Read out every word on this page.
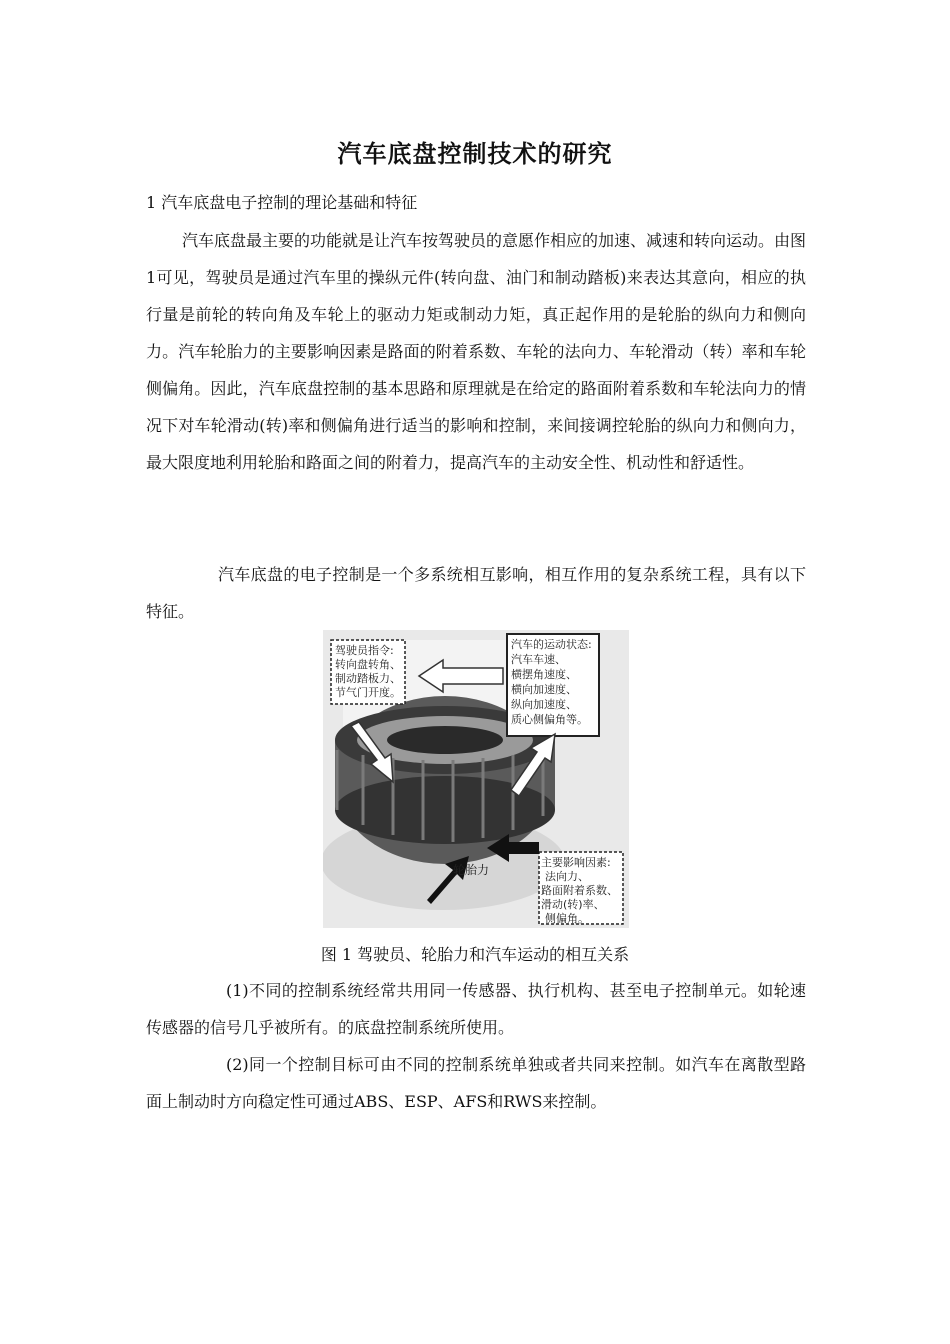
汽车底盘控制技术的研究
1 汽车底盘电子控制的理论基础和特征
汽车底盘最主要的功能就是让汽车按驾驶员的意愿作相应的加速、减速和转向运动。由图1可见，驾驶员是通过汽车里的操纵元件(转向盘、油门和制动踏板)来表达其意向，相应的执行量是前轮的转向角及车轮上的驱动力矩或制动力矩，真正起作用的是轮胎的纵向力和侧向力。汽车轮胎力的主要影响因素是路面的附着系数、车轮的法向力、车轮滑动（转）率和车轮侧偏角。因此，汽车底盘控制的基本思路和原理就是在给定的路面附着系数和车轮法向力的情况下对车轮滑动(转)率和侧偏角进行适当的影响和控制，来间接调控轮胎的纵向力和侧向力，最大限度地利用轮胎和路面之间的附着力，提高汽车的主动安全性、机动性和舒适性。
汽车底盘的电子控制是一个多系统相互影响，相互作用的复杂系统工程，具有以下特征。
驾驶员指令:
转向盘转角、
制动踏板力、
节气门开度。
汽车的运动状态:
汽车车速、
横摆角速度、
横向加速度、
纵向加速度、
质心侧偏角等。
主要影响因素:
法向力、
路面附着系数、
滑动(转)率、
侧偏角。
轮胎力
图 1 驾驶员、轮胎力和汽车运动的相互关系
(1)不同的控制系统经常共用同一传感器、执行机构、甚至电子控制单元。如轮速传感器的信号几乎被所有。的底盘控制系统所使用。
(2)同一个控制目标可由不同的控制系统单独或者共同来控制。如汽车在离散型路面上制动时方向稳定性可通过ABS、ESP、AFS和RWS来控制。
